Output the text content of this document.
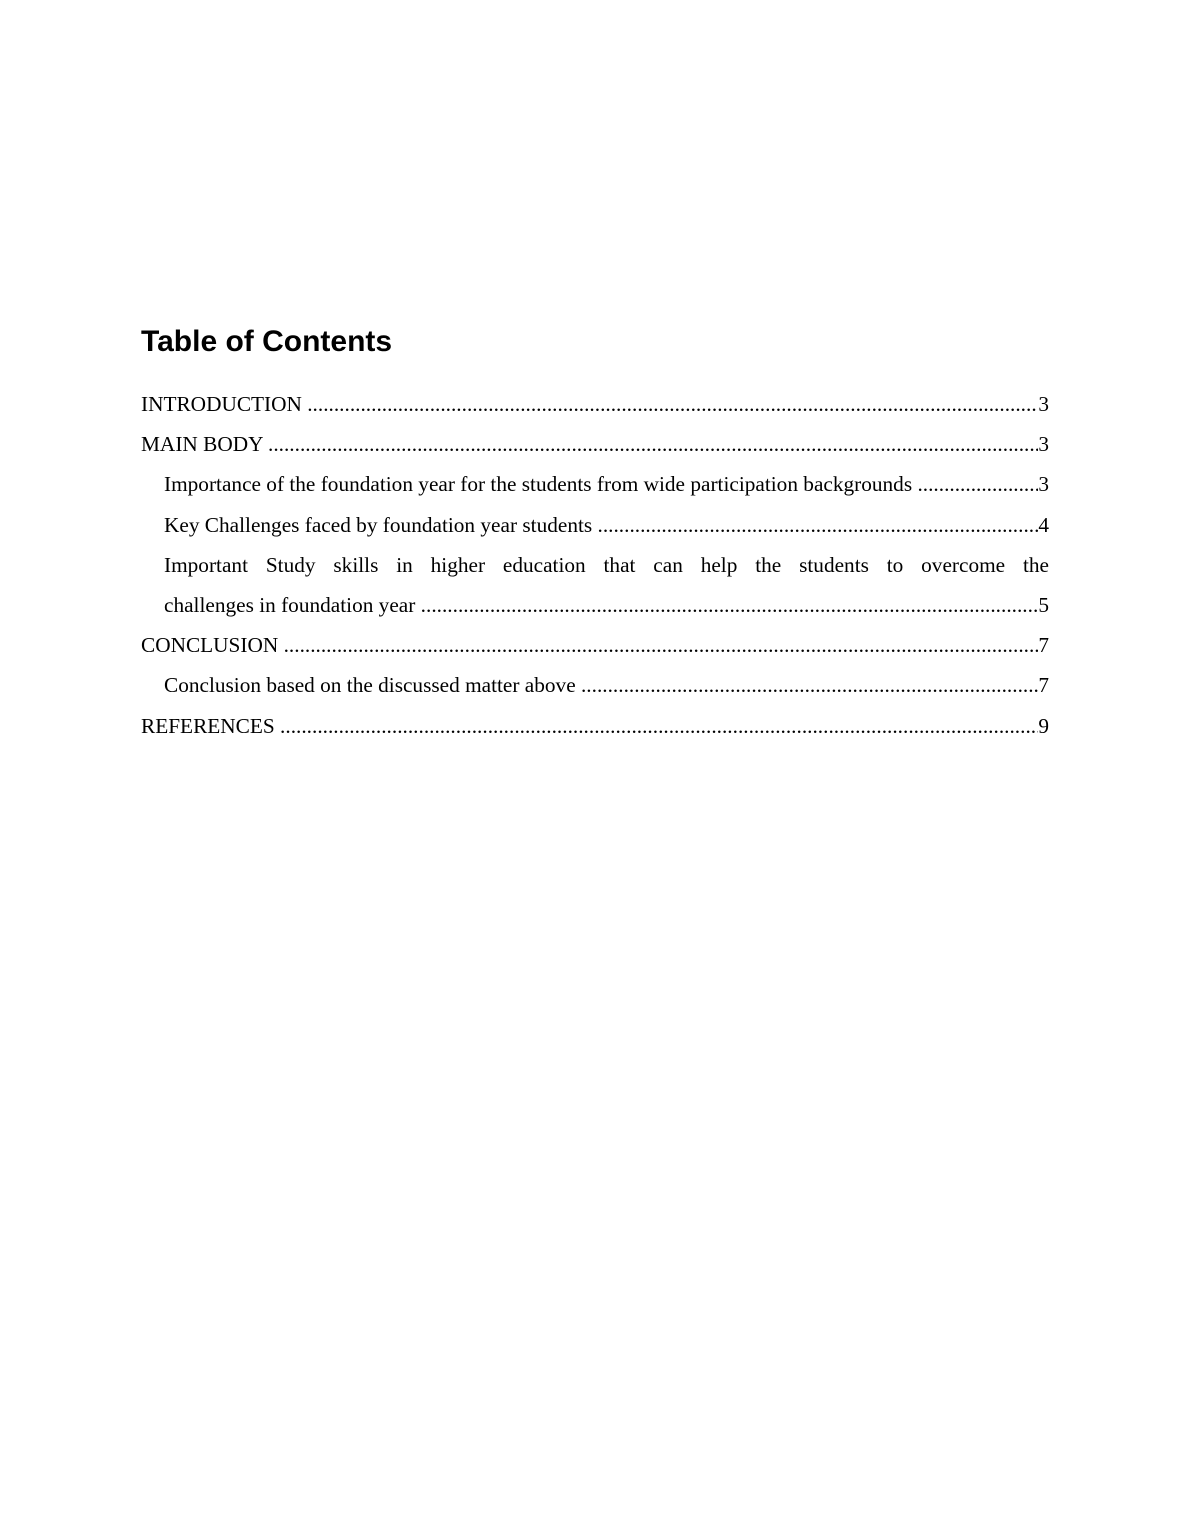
Table of Contents
INTRODUCTION .....	3
MAIN BODY .....	3
Importance of the foundation year for the students from wide participation backgrounds .....	3
Key Challenges faced by foundation year students .....	4
Important Study skills in higher education that can help the students to overcome the
challenges in foundation year .....	5
CONCLUSION .....	7
Conclusion based on the discussed matter above .....	7
REFERENCES .....	9
